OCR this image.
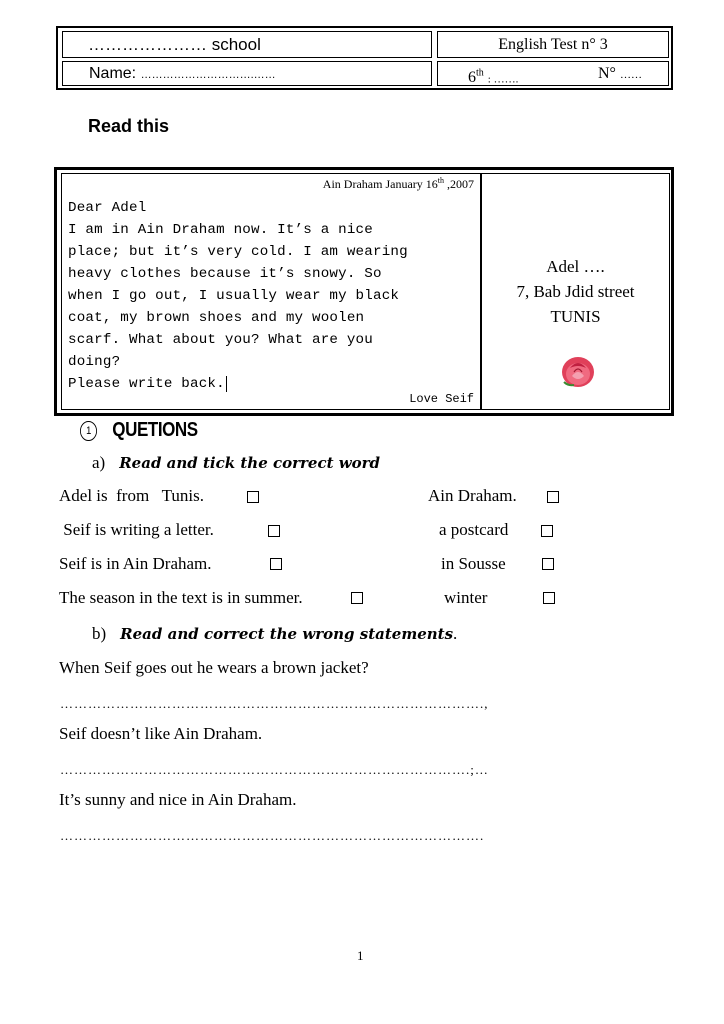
………………… school	English Test n° 3
Name: ………………………….……	6th : …….	N° ……
Read this
Ain Draham January 16th ,2007
Dear Adel
I am in Ain Draham now. It’s a nice
place; but it’s very cold. I am wearing
heavy clothes because it’s snowy. So
when I go out, I usually wear my black
coat, my brown shoes and my woolen
scarf. What about you? What are you
doing?
Please write back.
Love Seif
Adel ….
7, Bab Jdid street
TUNIS
1 QUETIONS
a) Read and tick the correct word
Adel is  from   Tunis.	Ain Draham.
Seif is writing a letter.	a postcard
Seif is in Ain Draham.	in Sousse
The season in the text is in summer.	winter
b) Read and correct the wrong statements.
When Seif goes out he wears a brown jacket?
……………………………………………………………………………….,
Seif doesn’t like Ain Draham.
…………………………………………………………………………….;…
It’s sunny and nice in Ain Draham.
……………………………………………………………………………….
1
